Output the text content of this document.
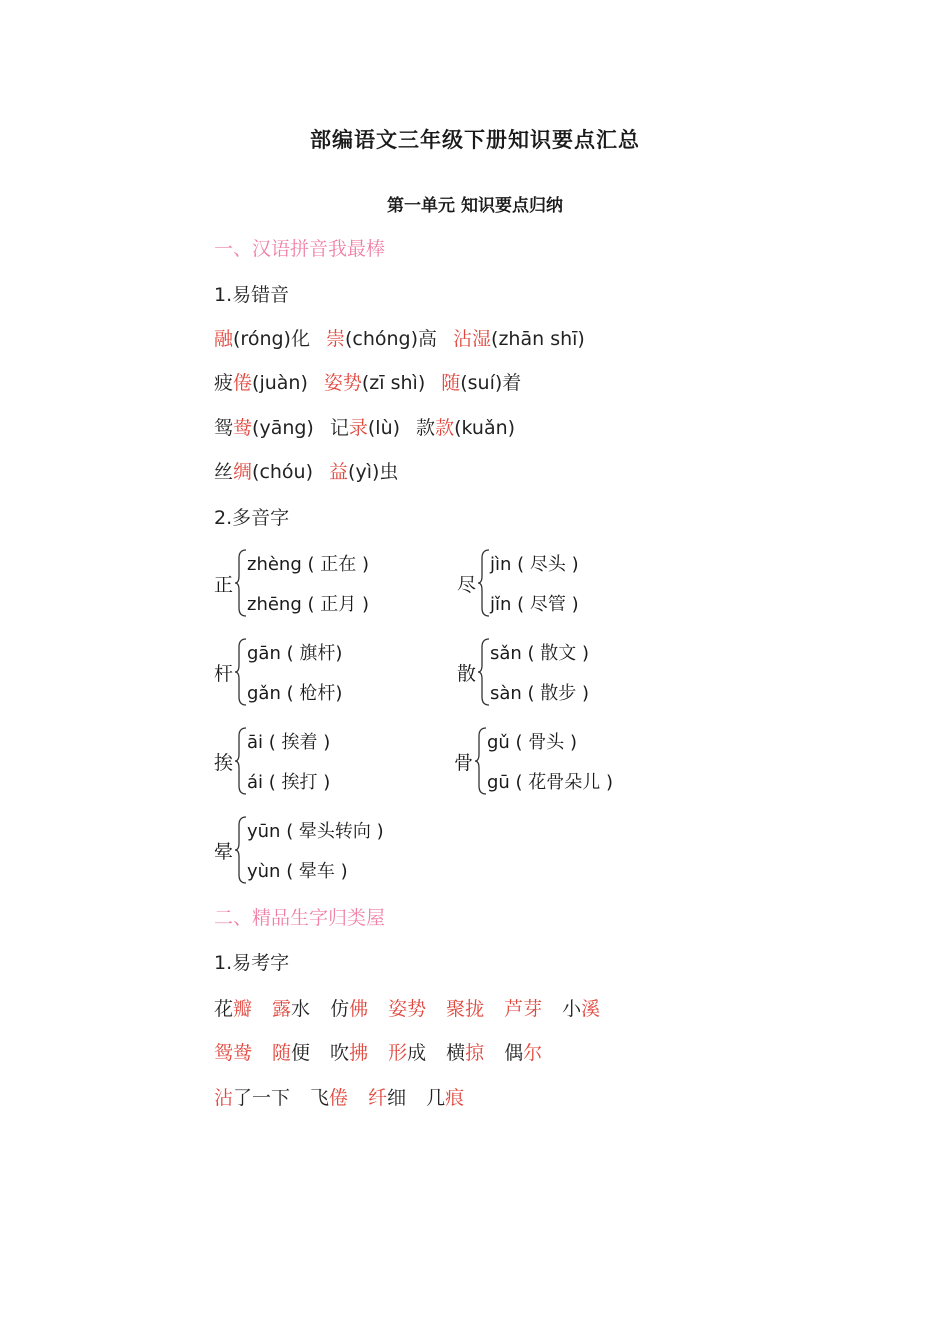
部编语文三年级下册知识要点汇总
第一单元 知识要点归纳
一、汉语拼音我最棒
1.易错音
融(róng)化 崇(chóng)高 沾湿(zhān shī)
疲倦(juàn) 姿势(zī shì) 随(suí)着
鸳鸯(yāng) 记录(lù) 款款(kuǎn)
丝绸(chóu) 益(yì)虫
2.多音字
正
zhèng ( 正在 )
zhēng ( 正月 )
尽
jìn ( 尽头 )
jǐn ( 尽管 )
杆
gān ( 旗杆)
gǎn ( 枪杆)
散
sǎn ( 散文 )
sàn ( 散步 )
挨
āi ( 挨着 )
ái ( 挨打 )
骨
gǔ ( 骨头 )
gū ( 花骨朵儿 )
晕
yūn ( 晕头转向 )
yùn ( 晕车 )
二、精品生字归类屋
1.易考字
花瓣 露水 仿佛 姿势 聚拢 芦芽 小溪
鸳鸯 随便 吹拂 形成 横掠 偶尔
沾了一下 飞倦 纤细 几痕
